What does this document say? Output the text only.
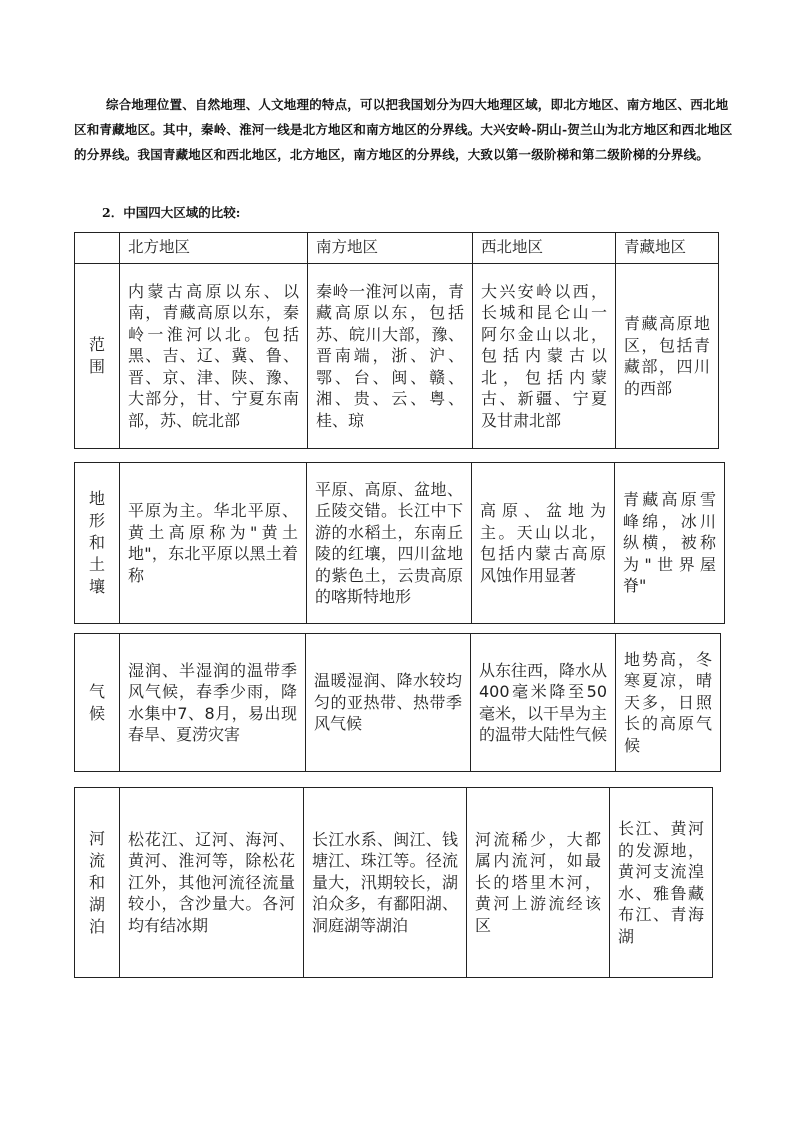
综合地理位置、自然地理、人文地理的特点，可以把我国划分为四大地理区域，即北方地区、南方地区、西北地区和青藏地区。其中，秦岭、淮河一线是北方地区和南方地区的分界线。大兴安岭-阴山-贺兰山为北方地区和西北地区的分界线。我国青藏地区和西北地区，北方地区，南方地区的分界线，大致以第一级阶梯和第二级阶梯的分界线。

2．中国四大区域的比较:

	北方地区	南方地区	西北地区	青藏地区
范
围	内蒙古高原以东、以南，青藏高原以东，秦岭一淮河以北。包括黑、吉、辽、冀、鲁、晋、京、津、陕、豫、大部分，甘、宁夏东南部，苏、皖北部	秦岭一淮河以南，青藏高原以东，包括苏、皖川大部，豫、晋南端，浙、沪、鄂、台、闽、赣、湘、贵、云、粤、桂、琼	大兴安岭以西，长城和昆仑山一阿尔金山以北，包括内蒙古以北，包括内蒙古、新疆、宁夏及甘肃北部	青藏高原地区，包括青藏部，四川的西部
地
形
和
土
壤	平原为主。华北平原、黄土高原称为"黄土地"，东北平原以黑土着称	平原、高原、盆地、丘陵交错。长江中下游的水稻土，东南丘陵的红壤，四川盆地的紫色土，云贵高原的喀斯特地形	高原、盆地为主。天山以北，包括内蒙古高原风蚀作用显著	青藏高原雪峰绵，冰川纵横，被称为"世界屋脊"
气
候	湿润、半湿润的温带季风气候，春季少雨，降水集中7、8月，易出现春旱、夏涝灾害	温暖湿润、降水较均匀的亚热带、热带季风气候	从东往西，降水从400毫米降至50毫米，以干旱为主的温带大陆性气候	地势高，冬寒夏凉，晴天多，日照长的高原气候
河
流
和
湖
泊	松花江、辽河、海河、黄河、淮河等，除松花江外，其他河流径流量较小，含沙量大。各河均有结冰期	长江水系、闽江、钱塘江、珠江等。径流量大，汛期较长，湖泊众多，有鄱阳湖、洞庭湖等湖泊	河流稀少，大都属内流河，如最长的塔里木河，黄河上游流经该区	长江、黄河的发源地，黄河支流湟水、雅鲁藏布江、青海湖
